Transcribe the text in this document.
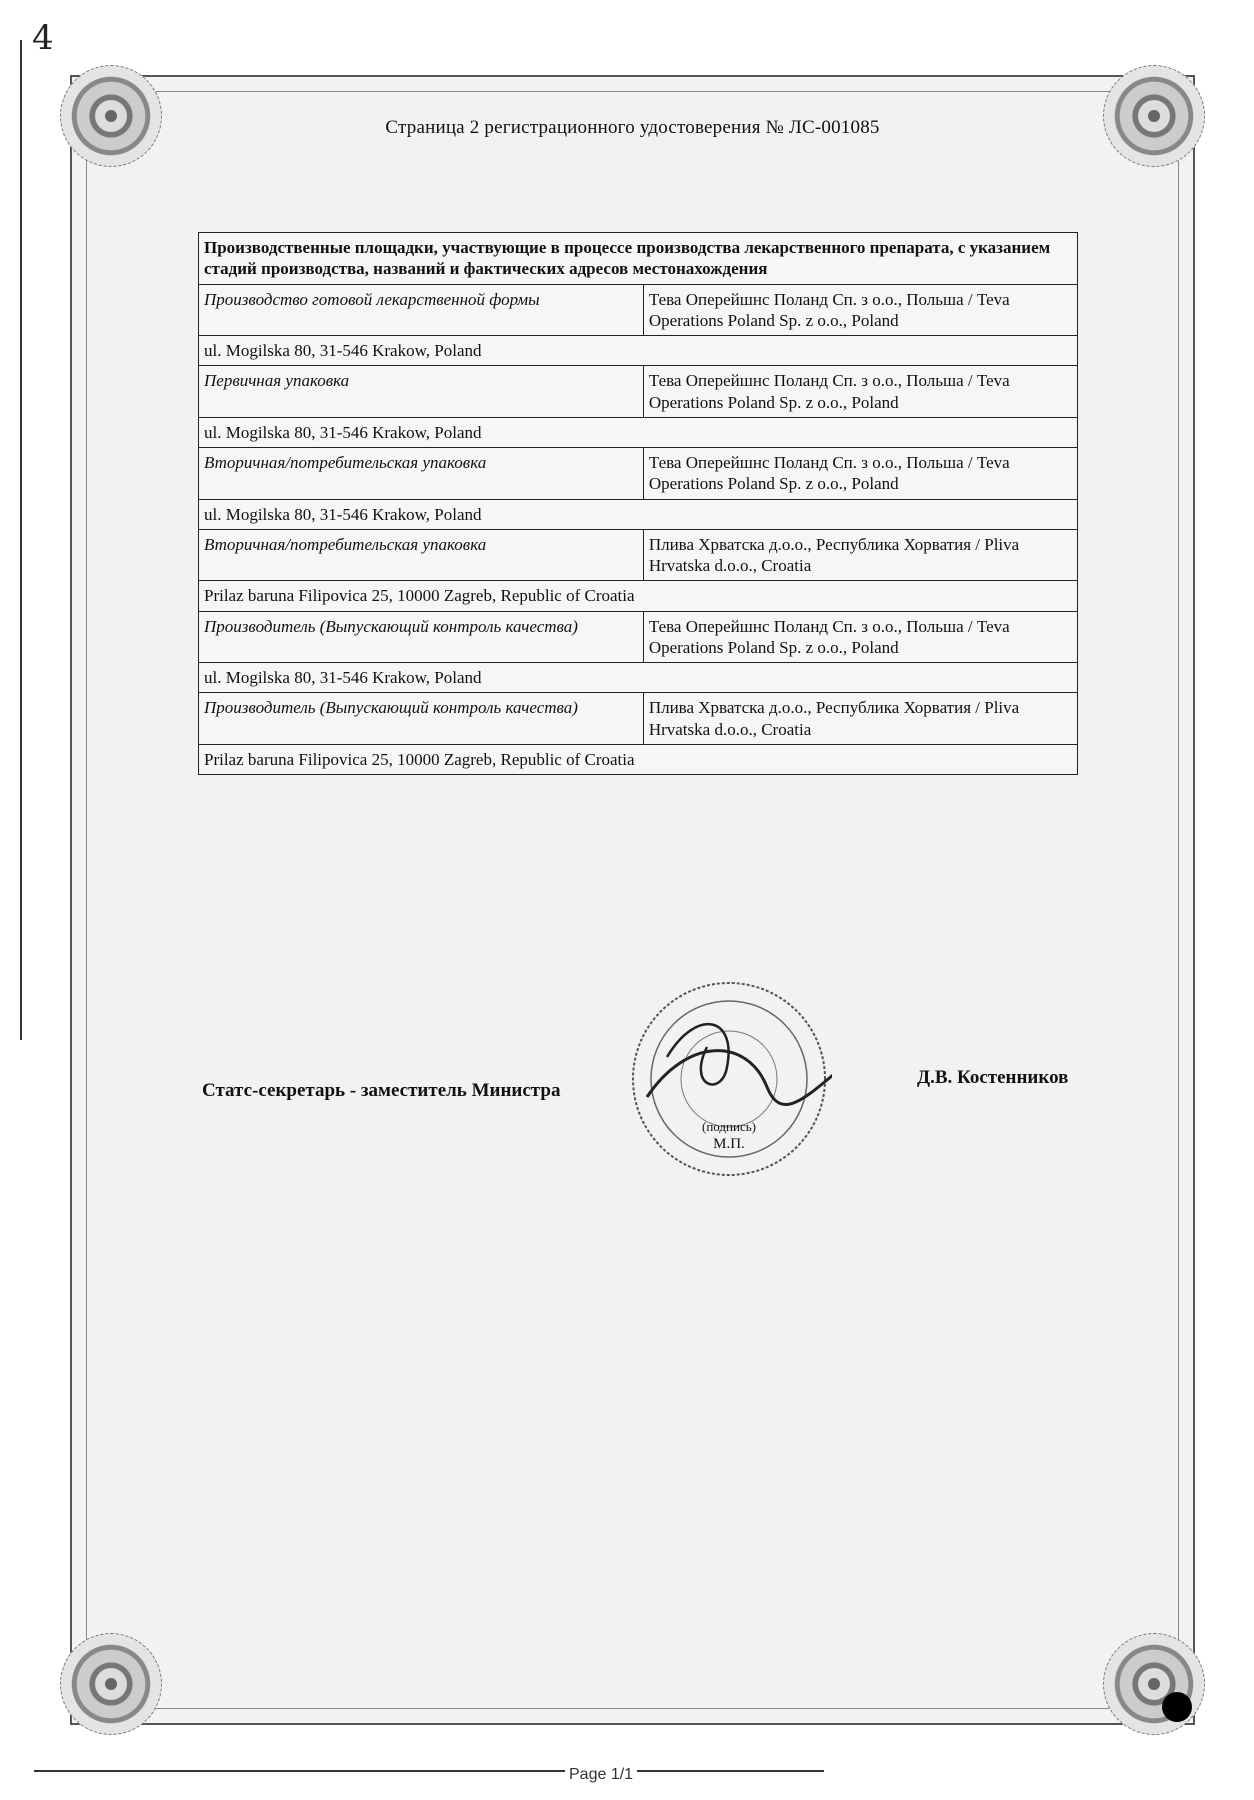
4
Страница 2 регистрационного удостоверения № ЛС-001085
Производственные площадки, участвующие в процессе производства лекарственного препарата, с указанием стадий производства, названий и фактических адресов местонахождения	
Производство готовой лекарственной формы	Тева Оперейшнс Поланд Сп. з о.о., Польша / Teva Operations Poland Sp. z o.o., Poland
ul. Mogilska 80, 31-546 Krakow, Poland	
Первичная упаковка	Тева Оперейшнс Поланд Сп. з о.о., Польша / Teva Operations Poland Sp. z o.o., Poland
ul. Mogilska 80, 31-546 Krakow, Poland	
Вторичная/потребительская упаковка	Тева Оперейшнс Поланд Сп. з о.о., Польша / Teva Operations Poland Sp. z o.o., Poland
ul. Mogilska 80, 31-546 Krakow, Poland	
Вторичная/потребительская упаковка	Плива Хрватска д.о.о., Республика Хорватия / Pliva Hrvatska d.o.o., Croatia
Prilaz baruna Filipovica 25, 10000 Zagreb, Republic of Croatia	
Производитель (Выпускающий контроль качества)	Тева Оперейшнс Поланд Сп. з о.о., Польша / Teva Operations Poland Sp. z o.o., Poland
ul. Mogilska 80, 31-546 Krakow, Poland	
Производитель (Выпускающий контроль качества)	Плива Хрватска д.о.о., Республика Хорватия / Pliva Hrvatska d.o.o., Croatia
Prilaz baruna Filipovica 25, 10000 Zagreb, Republic of Croatia	
(подпись)
М.П.
Статс-секретарь - заместитель Министра
Д.В. Костенников
Page 1/1
